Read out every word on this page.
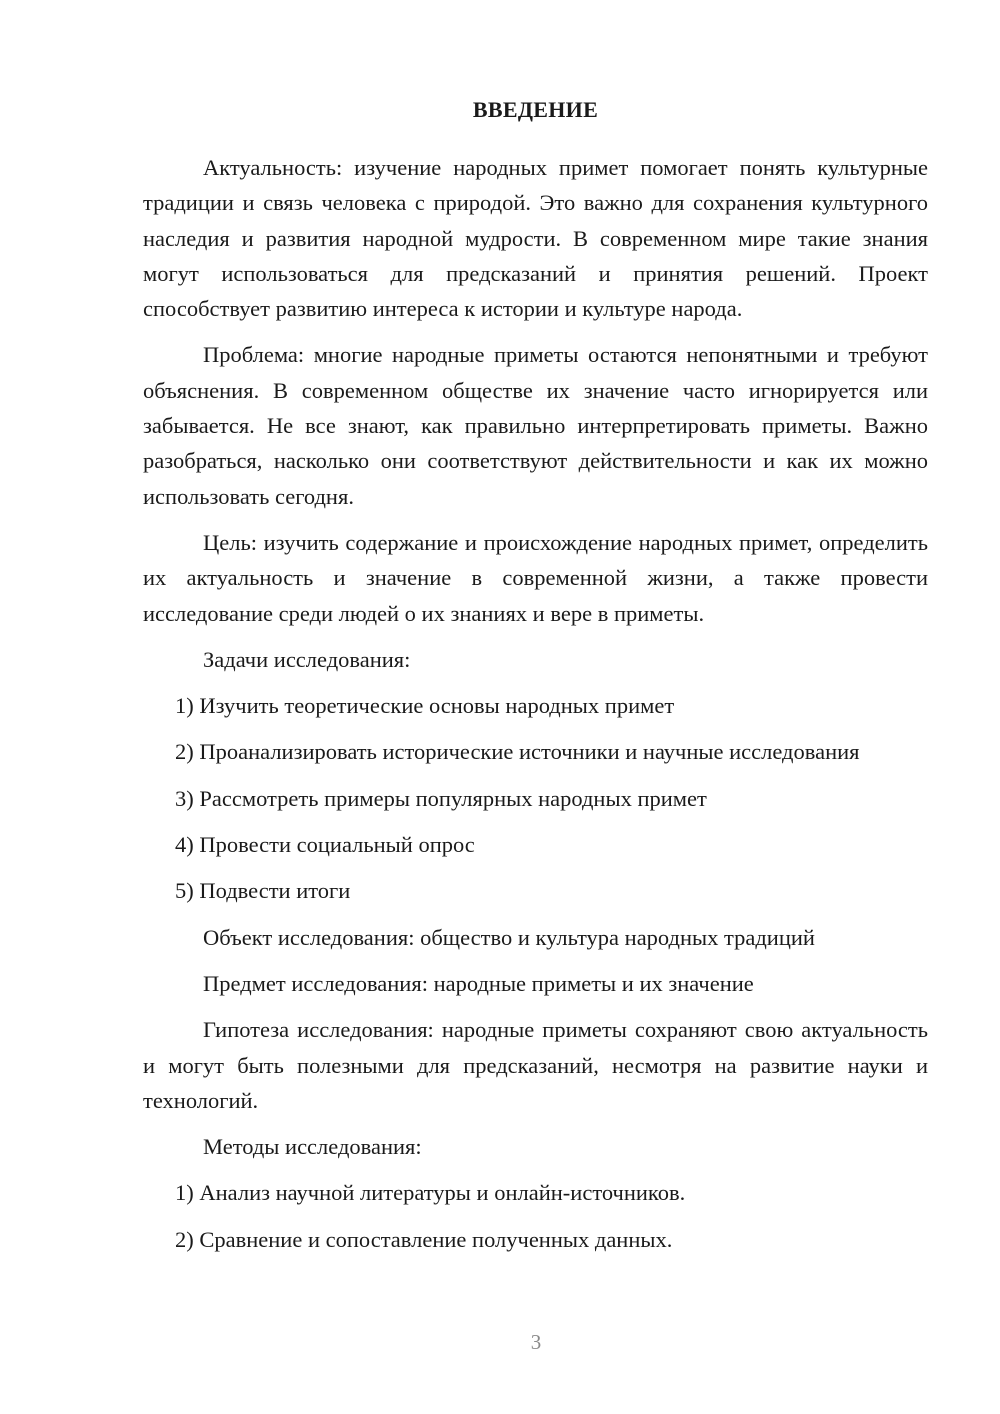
ВВЕДЕНИЕ

Актуальность: изучение народных примет помогает понять культурные традиции и связь человека с природой. Это важно для сохранения культурного наследия и развития народной мудрости. В современном мире такие знания могут использоваться для предсказаний и принятия решений. Проект способствует развитию интереса к истории и культуре народа.

Проблема: многие народные приметы остаются непонятными и требуют объяснения. В современном обществе их значение часто игнорируется или забывается. Не все знают, как правильно интерпретировать приметы. Важно разобраться, насколько они соответствуют действительности и как их можно использовать сегодня.

Цель: изучить содержание и происхождение народных примет, определить их актуальность и значение в современной жизни, а также провести исследование среди людей о их знаниях и вере в приметы.

Задачи исследования:

1) Изучить теоретические основы народных примет

2) Проанализировать исторические источники и научные исследования

3) Рассмотреть примеры популярных народных примет

4) Провести социальный опрос

5) Подвести итоги

Объект исследования: общество и культура народных традиций

Предмет исследования: народные приметы и их значение

Гипотеза исследования: народные приметы сохраняют свою актуальность и могут быть полезными для предсказаний, несмотря на развитие науки и технологий.

Методы исследования:

1) Анализ научной литературы и онлайн-источников.

2) Сравнение и сопоставление полученных данных.

3
